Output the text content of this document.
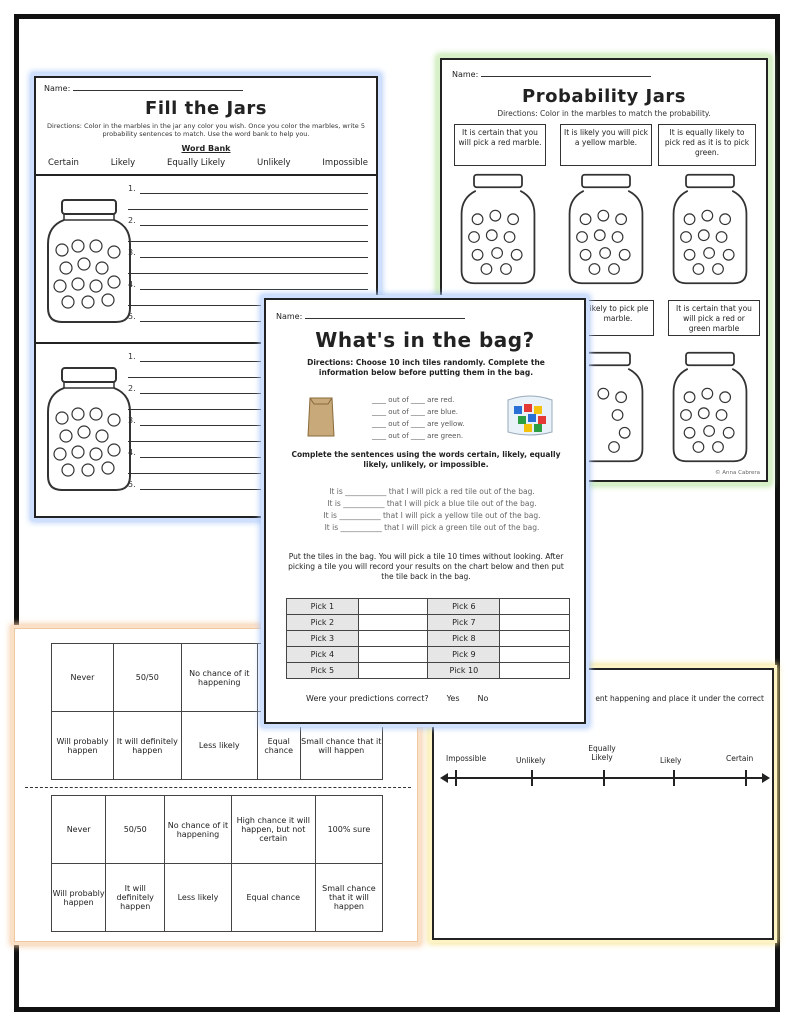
Name:
Fill the Jars
Directions: Color in the marbles in the jar any color you wish. Once you color the marbles, write 5 probability sentences to match. Use the word bank to help you.
Word Bank
Certain	Likely	Equally Likely	Unlikely	Impossible
1.
2.
3.
4.
5.
1.
2.
3.
4.
5.
Name:
Probability Jars
Directions: Color in the marbles to match the probability.
It is certain that you will pick a red marble.
It is likely you will pick a yellow marble.
It is equally likely to pick red as it is to pick green.
likely to pick ple marble.
It is certain that you will pick a red or green marble
© Anna Cabrera
Never	50/50	No chance of it happening		
Will probably happen	It will definitely happen	Less likely	Equal chance	Small chance that it will happen
Never	50/50	No chance of it happening	High chance it will happen, but not certain	100% sure
Will probably happen	It will definitely happen	Less likely	Equal chance	Small chance that it will happen
ent happening and place it under the correct
Impossible	Unlikely
Equally Likely	Likely	Certain
Name:
What's in the bag?
Directions: Choose 10 inch tiles randomly. Complete the information below before putting them in the bag.
____ out of ____ are red.
____ out of ____ are blue.
____ out of ____ are yellow.
____ out of ____ are green.
Complete the sentences using the words certain, likely, equally likely, unlikely, or impossible.
It is ___________ that I will pick a red tile out of the bag.
It is ___________ that I will pick a blue tile out of the bag.
It is ___________ that I will pick a yellow tile out of the bag.
It is ___________ that I will pick a green tile out of the bag.
Put the tiles in the bag. You will pick a tile 10 times without looking. After picking a tile you will record your results on the chart below and then put the tile back in the bag.
Pick 1		Pick 6	
Pick 2		Pick 7	
Pick 3		Pick 8	
Pick 4		Pick 9	
Pick 5		Pick 10	
Were your predictions correct? Yes No
